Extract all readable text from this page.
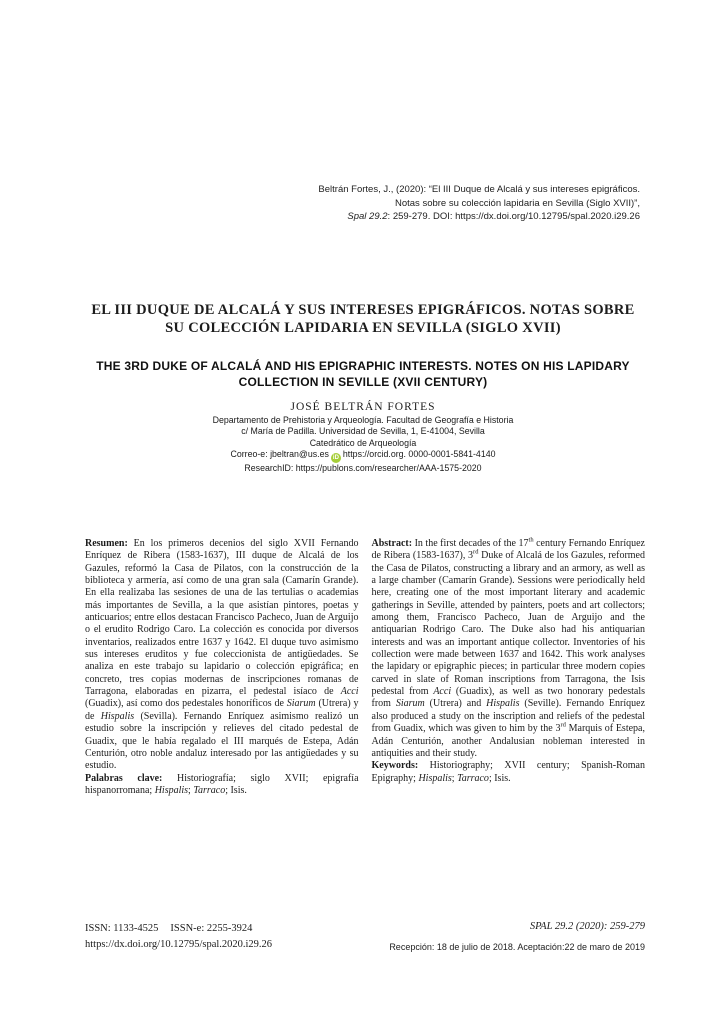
Beltrán Fortes, J., (2020): “El III Duque de Alcalá y sus intereses epigráficos.
Notas sobre su colección lapidaria en Sevilla (Siglo XVII)”,
Spal 29.2: 259-279. DOI: https://dx.doi.org/10.12795/spal.2020.i29.26
EL III DUQUE DE ALCALÁ Y SUS INTERESES EPIGRÁFICOS. NOTAS SOBRE SU COLECCIÓN LAPIDARIA EN SEVILLA (SIGLO XVII)
THE 3RD DUKE OF ALCALÁ AND HIS EPIGRAPHIC INTERESTS. NOTES ON HIS LAPIDARY COLLECTION IN SEVILLE (XVII CENTURY)
JOSÉ BELTRÁN FORTES
Departamento de Prehistoria y Arqueología. Facultad de Geografía e Historia
c/ María de Padilla. Universidad de Sevilla, 1, E-41004, Sevilla
Catedrático de Arqueología
Correo-e: jbeltran@us.es iD https://orcid.org. 0000-0001-5841-4140
ResearchID: https://publons.com/researcher/AAA-1575-2020

Resumen: En los primeros decenios del siglo XVII Fernando Enríquez de Ribera (1583-1637), III duque de Alcalá de los Gazules, reformó la Casa de Pilatos, con la construcción de la biblioteca y armería, así como de una gran sala (Camarín Grande). En ella realizaba las sesiones de una de las tertulias o academias más importantes de Sevilla, a la que asistían pintores, poetas y anticuarios; entre ellos destacan Francisco Pacheco, Juan de Arguijo o el erudito Rodrigo Caro. La colección es conocida por diversos inventarios, realizados entre 1637 y 1642. El duque tuvo asimismo sus intereses eruditos y fue coleccionista de antigüedades. Se analiza en este trabajo su lapidario o colección epigráfica; en concreto, tres copias modernas de inscripciones romanas de Tarragona, elaboradas en pizarra, el pedestal isíaco de Acci (Guadix), así como dos pedestales honoríficos de Siarum (Utrera) y de Hispalis (Sevilla). Fernando Enríquez asimismo realizó un estudio sobre la inscripción y relieves del citado pedestal de Guadix, que le había regalado el III marqués de Estepa, Adán Centurión, otro noble andaluz interesado por las antigüedades y su estudio.

Palabras clave: Historiografía; siglo XVII; epigrafía hispanorromana; Hispalis; Tarraco; Isis.

Abstract: In the first decades of the 17th century Fernando Enríquez de Ribera (1583-1637), 3rd Duke of Alcalá de los Gazules, reformed the Casa de Pilatos, constructing a library and an armory, as well as a large chamber (Camarín Grande). Sessions were periodically held here, creating one of the most important literary and academic gatherings in Seville, attended by painters, poets and art collectors; among them, Francisco Pacheco, Juan de Arguijo and the antiquarian Rodrigo Caro. The Duke also had his antiquarian interests and was an important antique collector. Inventories of his collection were made between 1637 and 1642. This work analyses the lapidary or epigraphic pieces; in particular three modern copies carved in slate of Roman inscriptions from Tarragona, the Isis pedestal from Acci (Guadix), as well as two honorary pedestals from Siarum (Utrera) and Hispalis (Seville). Fernando Enríquez also produced a study on the inscription and reliefs of the pedestal from Guadix, which was given to him by the 3rd Marquis of Estepa, Adán Centurión, another Andalusian nobleman interested in antiquities and their study.

Keywords: Historiography; XVII century; Spanish-Roman Epigraphy; Hispalis; Tarraco; Isis.

ISSN: 1133-4525 ISSN-e: 2255-3924
https://dx.doi.org/10.12795/spal.2020.i29.26
SPAL 29.2 (2020): 259-279
Recepción: 18 de julio de 2018. Aceptación:22 de maro de 2019
